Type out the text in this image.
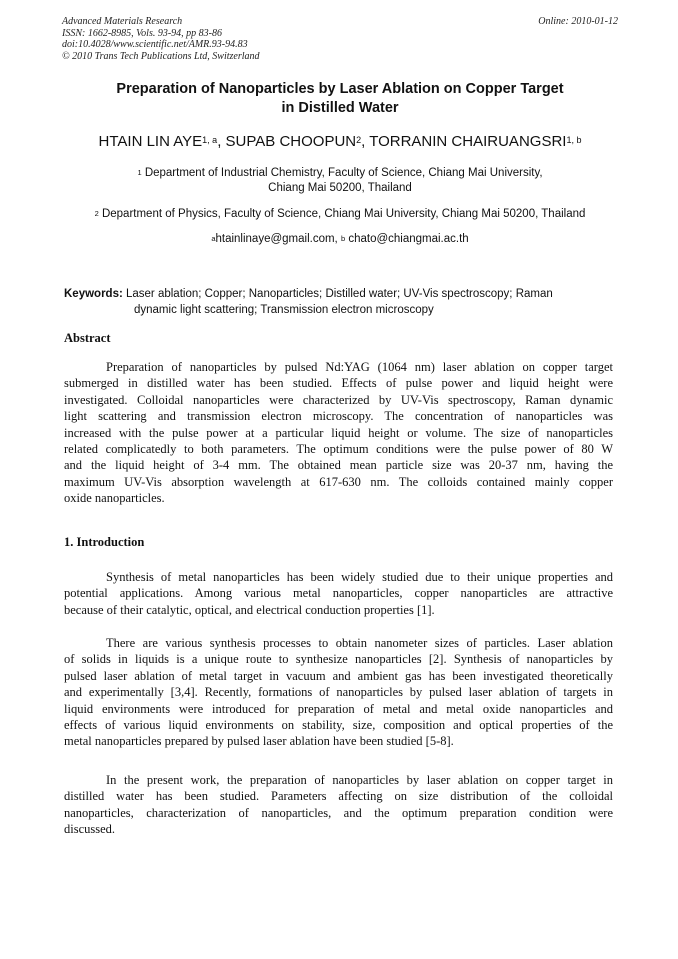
Advanced Materials Research
ISSN: 1662-8985, Vols. 93-94, pp 83-86
doi:10.4028/www.scientific.net/AMR.93-94.83
© 2010 Trans Tech Publications Ltd, Switzerland
Online: 2010-01-12
Preparation of Nanoparticles by Laser Ablation on Copper Target
in Distilled Water
HTAIN LIN AYE$^{1, a}$, SUPAB CHOOPUN$^2$, TORRANIN CHAIRUANGSRI$^{1, b}$
$^1$ Department of Industrial Chemistry, Faculty of Science, Chiang Mai University,
Chiang Mai 50200, Thailand
$^2$ Department of Physics, Faculty of Science, Chiang Mai University, Chiang Mai 50200, Thailand
$^a$htainlinaye@gmail.com, $^b$ chato@chiangmai.ac.th
Keywords: Laser ablation; Copper; Nanoparticles; Distilled water; UV-Vis spectroscopy; Raman
dynamic light scattering; Transmission electron microscopy
Abstract
Preparation of nanoparticles by pulsed Nd:YAG (1064 nm) laser ablation on copper target
submerged in distilled water has been studied. Effects of pulse power and liquid height were
investigated. Colloidal nanoparticles were characterized by UV-Vis spectroscopy, Raman dynamic
light scattering and transmission electron microscopy. The concentration of nanoparticles was
increased with the pulse power at a particular liquid height or volume. The size of nanoparticles
related complicatedly to both parameters. The optimum conditions were the pulse power of 80 W
and the liquid height of 3-4 mm. The obtained mean particle size was 20-37 nm, having the
maximum UV-Vis absorption wavelength at 617-630 nm. The colloids contained mainly copper
oxide nanoparticles.
1. Introduction
Synthesis of metal nanoparticles has been widely studied due to their unique properties and
potential applications. Among various metal nanoparticles, copper nanoparticles are attractive
because of their catalytic, optical, and electrical conduction properties [1].
There are various synthesis processes to obtain nanometer sizes of particles. Laser ablation
of solids in liquids is a unique route to synthesize nanoparticles [2]. Synthesis of nanoparticles by
pulsed laser ablation of metal target in vacuum and ambient gas has been investigated theoretically
and experimentally [3,4]. Recently, formations of nanoparticles by pulsed laser ablation of targets in
liquid environments were introduced for preparation of metal and metal oxide nanoparticles and
effects of various liquid environments on stability, size, composition and optical properties of the
metal nanoparticles prepared by pulsed laser ablation have been studied [5-8].
In the present work, the preparation of nanoparticles by laser ablation on copper target in
distilled water has been studied. Parameters affecting on size distribution of the colloidal
nanoparticles, characterization of nanoparticles, and the optimum preparation condition were
discussed.
